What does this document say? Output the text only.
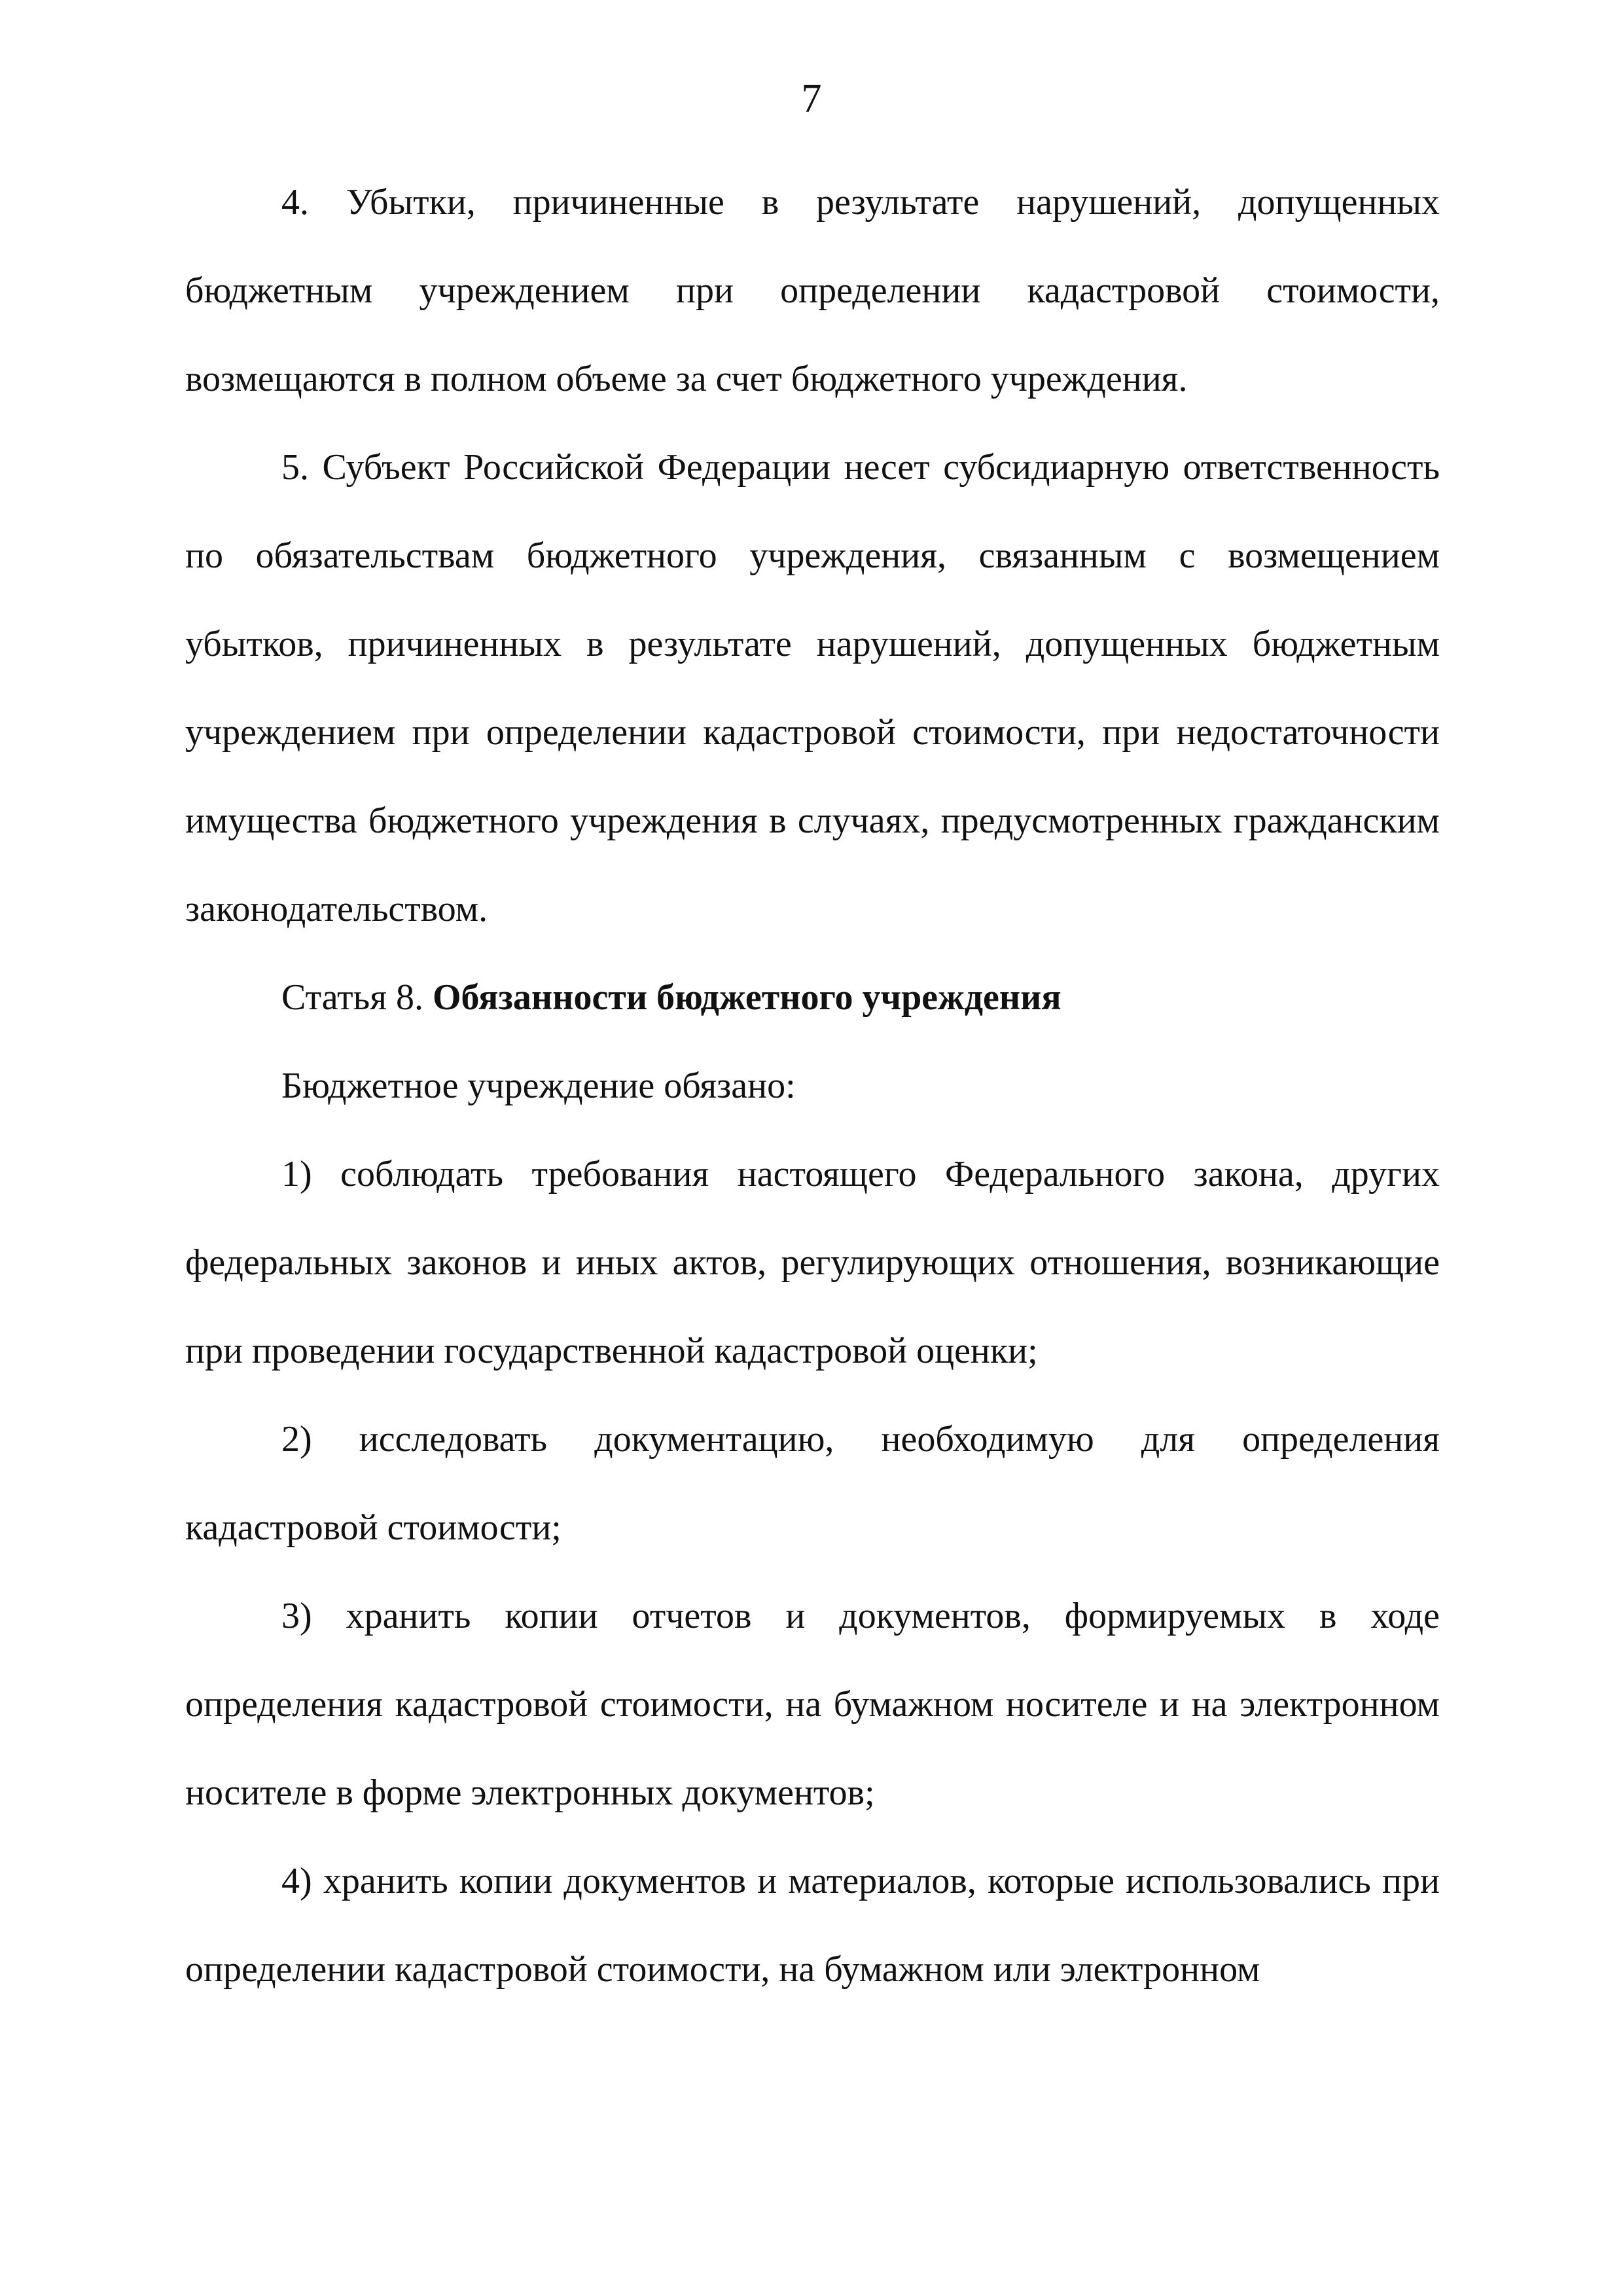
7

4. Убытки, причиненные в результате нарушений, допущенных бюджетным учреждением при определении кадастровой стоимости, возмещаются в полном объеме за счет бюджетного учреждения.

5. Субъект Российской Федерации несет субсидиарную ответственность по обязательствам бюджетного учреждения, связанным с возмещением убытков, причиненных в результате нарушений, допущенных бюджетным учреждением при определении кадастровой стоимости, при недостаточности имущества бюджетного учреждения в случаях, предусмотренных гражданским законодательством.

Статья 8. Обязанности бюджетного учреждения

Бюджетное учреждение обязано:

1) соблюдать требования настоящего Федерального закона, других федеральных законов и иных актов, регулирующих отношения, возникающие при проведении государственной кадастровой оценки;

2) исследовать документацию, необходимую для определения кадастровой стоимости;

3) хранить копии отчетов и документов, формируемых в ходе определения кадастровой стоимости, на бумажном носителе и на электронном носителе в форме электронных документов;

4) хранить копии документов и материалов, которые использовались при определении кадастровой стоимости, на бумажном или электронном
